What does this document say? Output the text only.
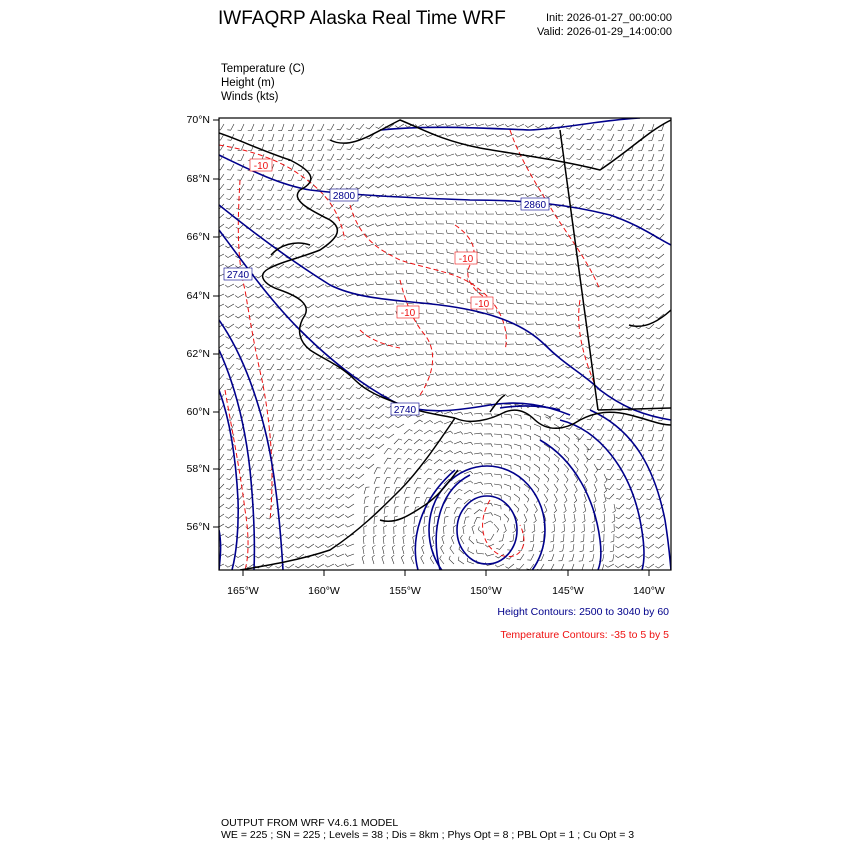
IWFAQRP Alaska Real Time WRF	Init: 2026-01-27_00:00:00
Valid: 2026-01-29_14:00:00
Temperature (C)
Height (m)
Winds (kts)
2800
2860
2740
2740
-10
-10
-10
-10
70°N
68°N
66°N
64°N
62°N
60°N
58°N
56°N
165°W	160°W	155°W	150°W	145°W	140°W
Height Contours: 2500 to 3040 by 60
Temperature Contours: -35 to 5 by 5
OUTPUT FROM WRF V4.6.1 MODEL
WE = 225 ; SN = 225 ; Levels = 38 ; Dis = 8km ; Phys Opt = 8 ; PBL Opt = 1 ; Cu Opt = 3
